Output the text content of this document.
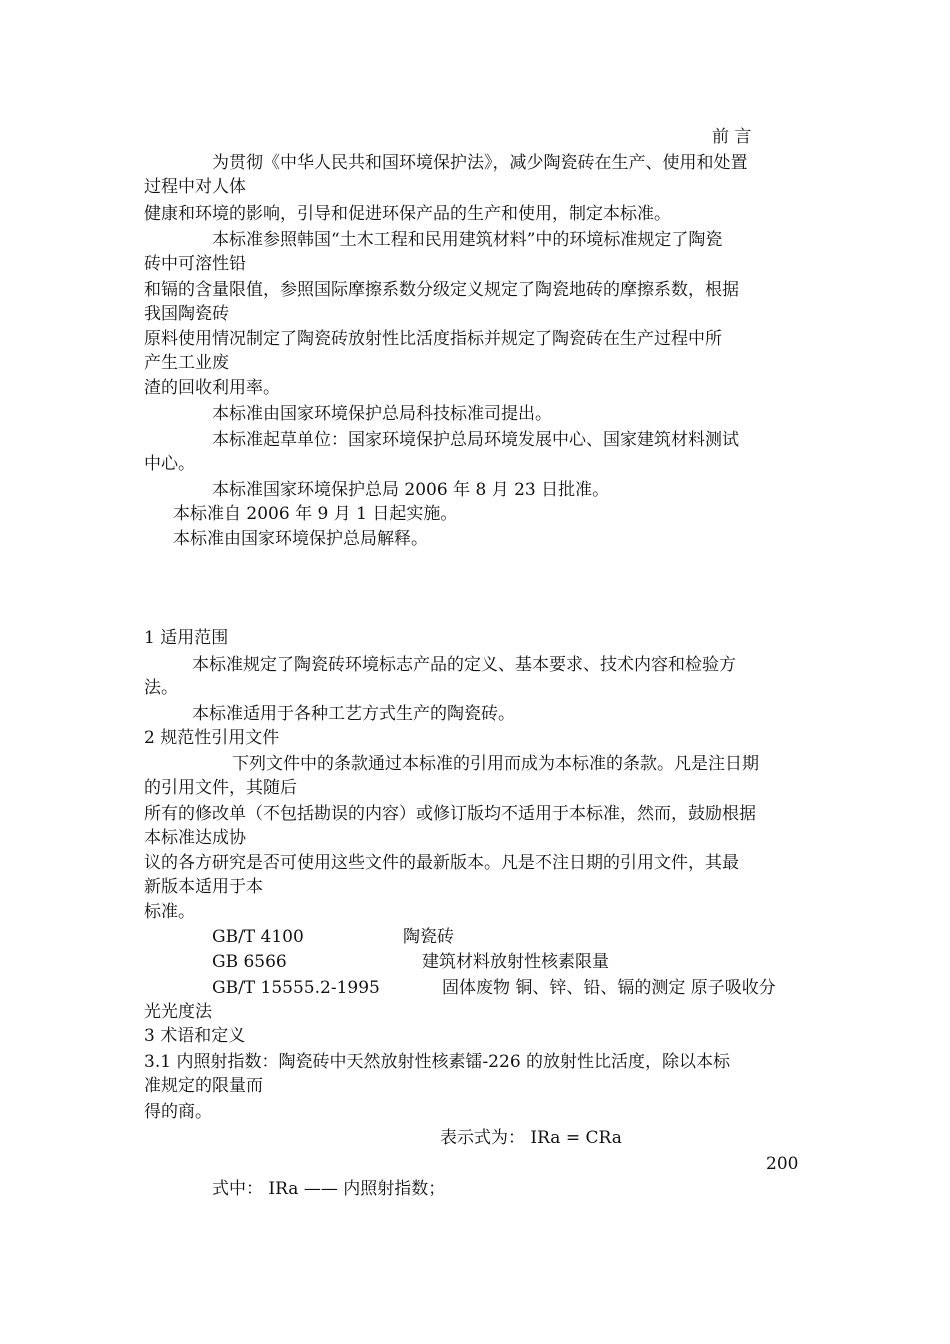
前 言
为贯彻《中华人民共和国环境保护法》，减少陶瓷砖在生产、使用和处置
过程中对人体
健康和环境的影响，引导和促进环保产品的生产和使用，制定本标准。
本标准参照韩国“土木工程和民用建筑材料”中的环境标准规定了陶瓷
砖中可溶性铅
和镉的含量限值，参照国际摩擦系数分级定义规定了陶瓷地砖的摩擦系数，根据
我国陶瓷砖
原料使用情况制定了陶瓷砖放射性比活度指标并规定了陶瓷砖在生产过程中所
产生工业废
渣的回收利用率。
本标准由国家环境保护总局科技标准司提出。
本标准起草单位：国家环境保护总局环境发展中心、国家建筑材料测试
中心。
本标准国家环境保护总局 2006 年 8 月 23 日批准。
本标准自 2006 年 9 月 1 日起实施。
本标准由国家环境保护总局解释。
1 适用范围
本标准规定了陶瓷砖环境标志产品的定义、基本要求、技术内容和检验方
法。
本标准适用于各种工艺方式生产的陶瓷砖。
2 规范性引用文件
下列文件中的条款通过本标准的引用而成为本标准的条款。凡是注日期
的引用文件，其随后
所有的修改单（不包括勘误的内容）或修订版均不适用于本标准，然而，鼓励根据
本标准达成协
议的各方研究是否可使用这些文件的最新版本。凡是不注日期的引用文件，其最
新版本适用于本
标准。
GB/T 4100	陶瓷砖
GB 6566	建筑材料放射性核素限量
GB/T 15555.2-1995	固体废物 铜、锌、铅、镉的测定 原子吸收分
光光度法
3 术语和定义
3.1 内照射指数：陶瓷砖中天然放射性核素镭-226 的放射性比活度，除以本标
准规定的限量而
得的商。
表示式为： IRa = CRa
200
式中： IRa —— 内照射指数；
